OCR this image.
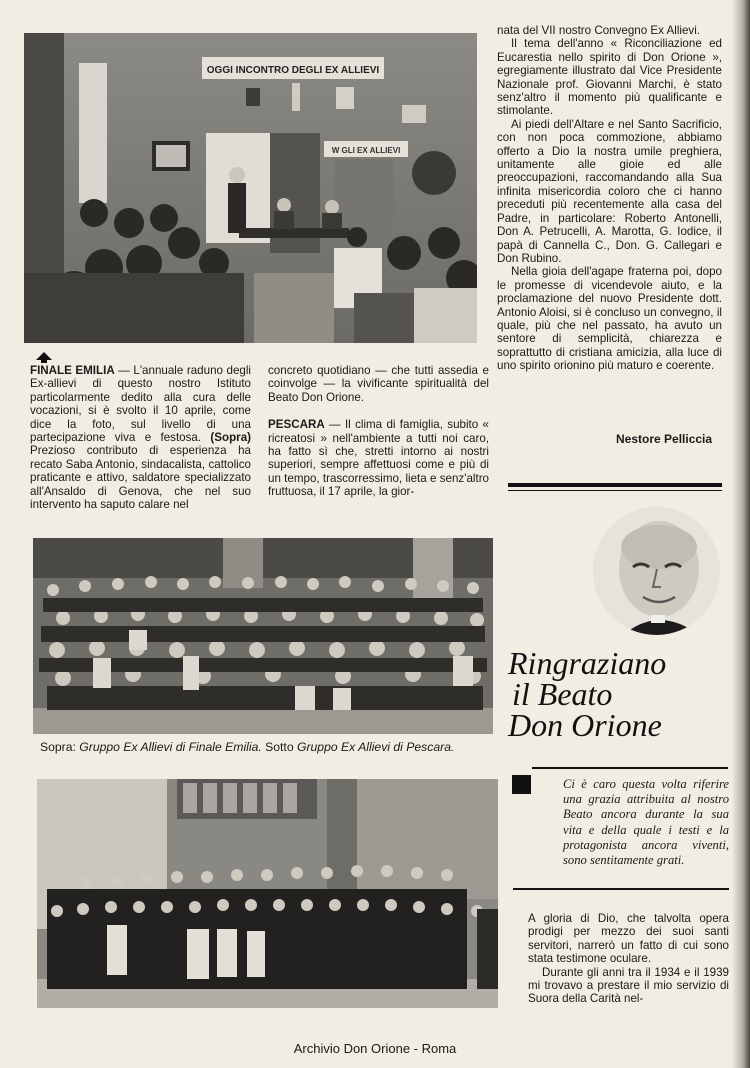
OGGI INCONTRO DEGLI EX ALLIEVI
W GLI EX ALLIEVI

FINALE EMILIA — L'annuale raduno degli Ex-allievi di questo nostro Istituto particolarmente dedito alla cura delle vocazioni, si è svolto il 10 aprile, come dice la foto, sul livello di una partecipazione viva e festosa. (Sopra) Prezioso contributo di esperienza ha recato Saba Antonio, sindacalista, cattolico praticante e attivo, saldatore specializzato all'Ansaldo di Genova, che nel suo intervento ha saputo calare nel

concreto quotidiano — che tutti assedia e coinvolge — la vivificante spiritualità del Beato Don Orione.

PESCARA — Il clima di famiglia, subito « ricreatosi » nell'ambiente a tutti noi caro, ha fatto sì che, stretti intorno ai nostri superiori, sempre affettuosi come e più di un tempo, trascorressimo, lieta e senz'altro fruttuosa, il 17 aprile, la gior-

nata del VII nostro Convegno Ex Allievi.

Il tema dell'anno « Riconciliazione ed Eucarestia nello spirito di Don Orione », egregiamente illustrato dal Vice Presidente Nazionale prof. Giovanni Marchi, è stato senz'altro il momento più qualificante e stimolante.

Ai piedi dell'Altare e nel Santo Sacrificio, con non poca commozione, abbiamo offerto a Dio la nostra umile preghiera, unitamente alle gioie ed alle preoccupazioni, raccomandando alla Sua infinita misericordia coloro che ci hanno preceduti più recentemente alla casa del Padre, in particolare: Roberto Antonelli, Don A. Petrucelli, A. Marotta, G. Iodice, il papà di Cannella C., Don. G. Callegari e Don Rubino.

Nella gioia dell'agape fraterna poi, dopo le promesse di vicendevole aiuto, e la proclamazione del nuovo Presidente dott. Antonio Aloisi, si è concluso un convegno, il quale, più che nel passato, ha avuto un sentore di semplicità, chiarezza e soprattutto di cristiana amicizia, alla luce di uno spirito orionino più maturo e coerente.

Nestore Pelliccia
Sopra: Gruppo Ex Allievi di Finale Emilia. Sotto Gruppo Ex Allievi di Pescara.
Ringraziano
il Beato
Don Orione
Ci è caro questa volta riferire una grazia attribuita al nostro Beato ancora durante la sua vita e della quale i testi e la protagonista ancora viventi, sono sentitamente grati.

A gloria di Dio, che talvolta opera prodigi per mezzo dei suoi santi servitori, narrerò un fatto di cui sono stata testimone oculare.

Durante gli anni tra il 1934 e il 1939 mi trovavo a prestare il mio servizio di Suora della Carità nel-

Archivio Don Orione - Roma
